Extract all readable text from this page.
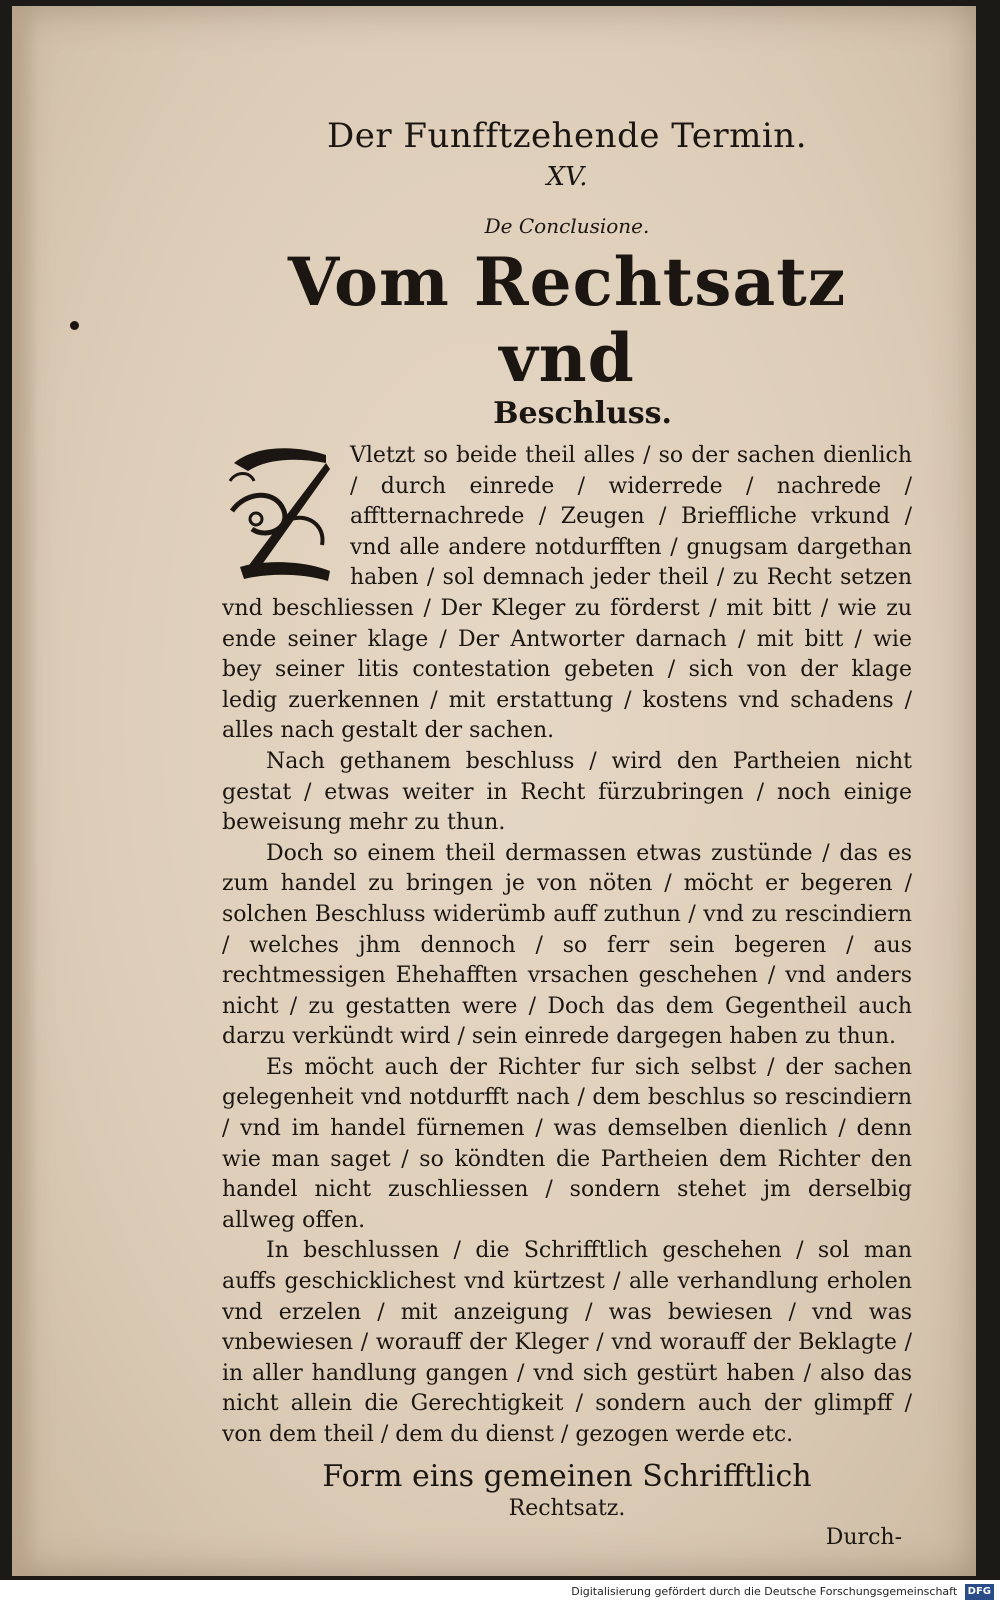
Der Funfftzehende Termin.
XV.
De Conclusione.
Vom Rechtsatz vnd
Beschluss.

Vletzt so beide theil alles / so der sachen dienlich / durch einrede / widerrede / nachrede / afftternachrede / Zeugen / Brieffliche vrkund / vnd alle andere notdurfften / gnugsam dargethan haben / sol demnach jeder theil / zu Recht setzen vnd beschliessen / Der Kleger zu förderst / mit bitt / wie zu ende seiner klage / Der Antworter darnach / mit bitt / wie bey seiner litis contestation gebeten / sich von der klage ledig zuerkennen / mit erstattung / kostens vnd schadens / alles nach gestalt der sachen.

Nach gethanem beschluss / wird den Partheien nicht gestat / etwas weiter in Recht fürzubringen / noch einige beweisung mehr zu thun.

Doch so einem theil dermassen etwas zustünde / das es zum handel zu bringen je von nöten / möcht er begeren / solchen Beschluss widerümb auff zuthun / vnd zu rescindiern / welches jhm dennoch / so ferr sein begeren / aus rechtmessigen Ehehafften vrsachen geschehen / vnd anders nicht / zu gestatten were / Doch das dem Gegentheil auch darzu verkündt wird / sein einrede dargegen haben zu thun.

Es möcht auch der Richter fur sich selbst / der sachen gelegenheit vnd notdurfft nach / dem beschlus so rescindiern / vnd im handel fürnemen / was demselben dienlich / denn wie man saget / so köndten die Partheien dem Richter den handel nicht zuschliessen / sondern stehet jm derselbig allweg offen.

In beschlussen / die Schrifftlich geschehen / sol man auffs geschicklichest vnd kürtzest / alle verhandlung erholen vnd erzelen / mit anzeigung / was bewiesen / vnd was vnbewiesen / worauff der Kleger / vnd worauff der Beklagte / in aller handlung gangen / vnd sich gestürt haben / also das nicht allein die Gerechtigkeit / sondern auch der glimpff / von dem theil / dem du dienst / gezogen werde etc.

Form eins gemeinen Schrifftlich
Rechtsatz.
Durch-
Digitalisierung gefördert durch die Deutsche Forschungsgemeinschaft DFG
